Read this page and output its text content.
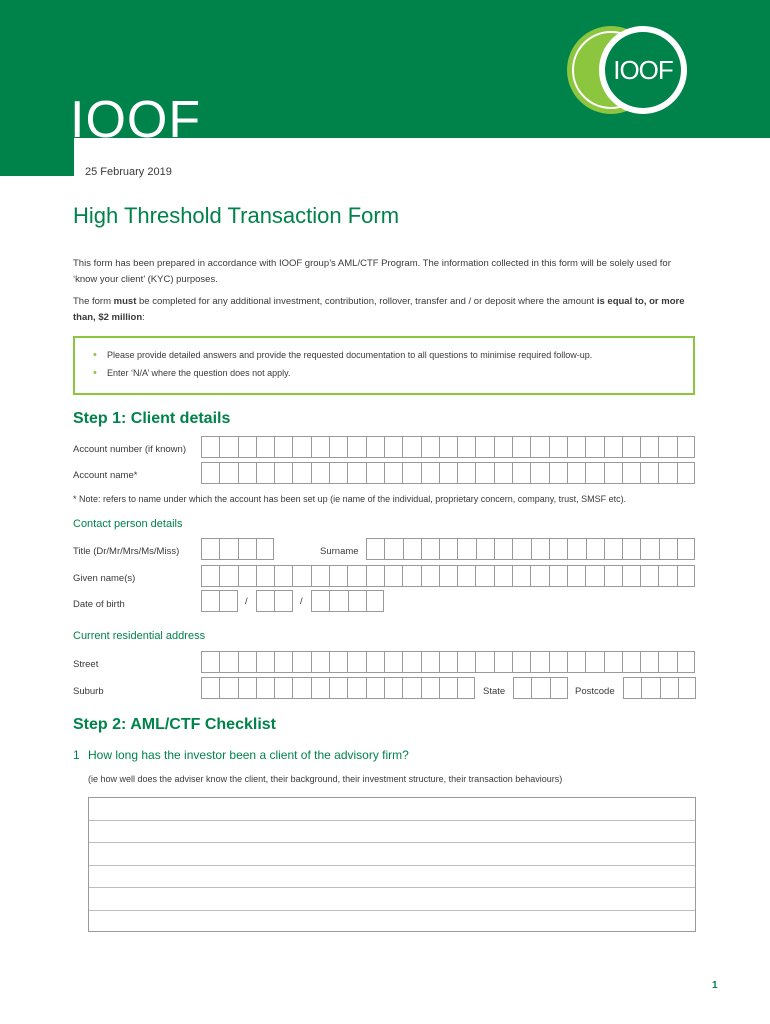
IOOF
IOOF
25 February 2019
High Threshold Transaction Form

This form has been prepared in accordance with IOOF group’s AML/CTF Program. The information collected in this form will be solely used for ‘know your client’ (KYC) purposes.

The form must be completed for any additional investment, contribution, rollover, transfer and / or deposit where the amount is equal to, or more than, $2 million:

• Please provide detailed answers and provide the requested documentation to all questions to minimise required follow-up.
• Enter ‘N/A’ where the question does not apply.
Step 1: Client details
Account number (if known)
Account name*
* Note: refers to name under which the account has been set up (ie name of the individual, proprietary concern, company, trust, SMSF etc).
Contact person details
Title (Dr/Mr/Mrs/Ms/Miss)	Surname
Given name(s)
Date of birth	/	/
Current residential address
Street
Suburb	State	Postcode
Step 2: AML/CTF Checklist
1 How long has the investor been a client of the advisory firm?
(ie how well does the adviser know the client, their background, their investment structure, their transaction behaviours)
1
